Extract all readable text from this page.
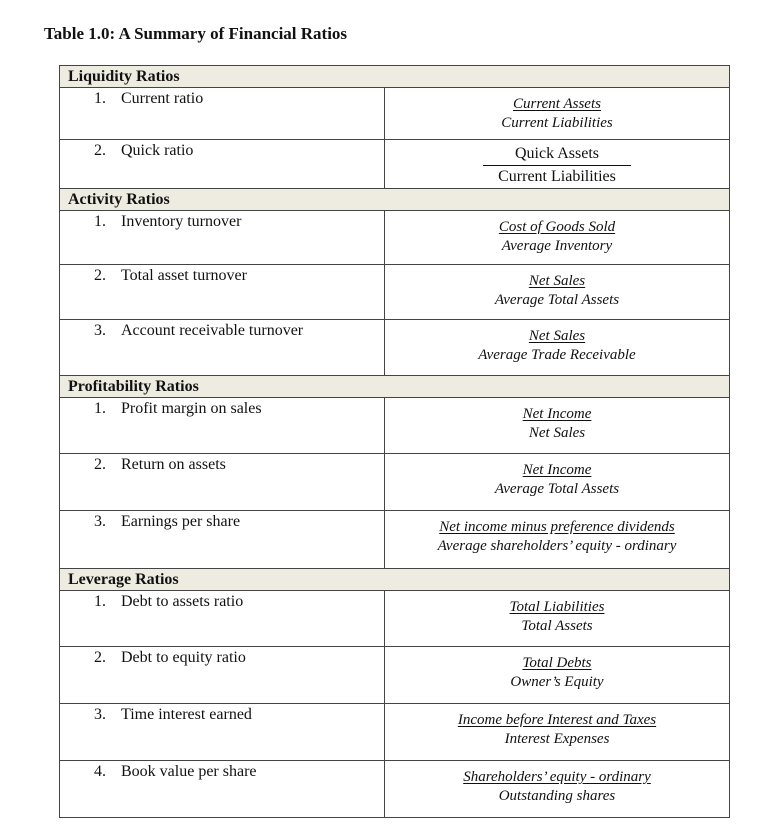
Table 1.0: A Summary of Financial Ratios
Liquidity Ratios	
1. Current ratio	$\frac{\text{Current Assets}}{\text{Current Liabilities}}$

2. Quick ratio	$\frac{\text{Quick Assets}}{\text{Current Liabilities}}$

Activity Ratios	
1. Inventory turnover	$\frac{\text{Cost of Goods Sold}}{\text{Average Inventory}}$

2. Total asset turnover	$\frac{\text{Net Sales}}{\text{Average Total Assets}}$

3. Account receivable turnover	$\frac{\text{Net Sales}}{\text{Average Trade Receivable}}$

Profitability Ratios	
1. Profit margin on sales	$\frac{\text{Net Income}}{\text{Net Sales}}$

2. Return on assets	$\frac{\text{Net Income}}{\text{Average Total Assets}}$

3. Earnings per share	$\frac{\text{Net income minus preference dividends}}{\text{Average shareholders’ equity - ordinary}}$

Leverage Ratios	
1. Debt to assets ratio	$\frac{\text{Total Liabilities}}{\text{Total Assets}}$

2. Debt to equity ratio	$\frac{\text{Total Debts}}{\text{Owner’s Equity}}$

3. Time interest earned	$\frac{\text{Income before Interest and Taxes}}{\text{Interest Expenses}}$

4. Book value per share	$\frac{\text{Shareholders’ equity - ordinary}}{\text{Outstanding shares}}$
